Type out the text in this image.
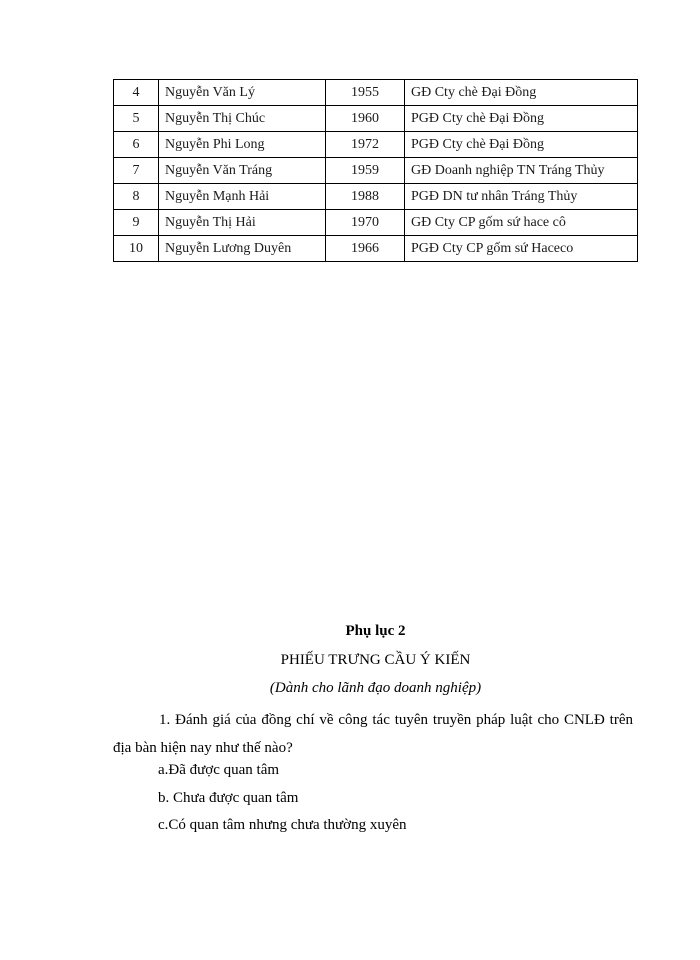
4	Nguyễn Văn Lý	1955	GĐ Cty chè Đại Đồng
5	Nguyễn Thị Chúc	1960	PGĐ Cty chè Đại Đồng
6	Nguyễn Phi Long	1972	PGĐ Cty chè Đại Đồng
7	Nguyễn Văn Tráng	1959	GĐ Doanh nghiệp TN Tráng Thủy
8	Nguyễn Mạnh Hải	1988	PGĐ DN tư nhân Tráng Thủy
9	Nguyễn Thị Hải	1970	GĐ Cty CP gốm sứ hace cô
10	Nguyễn Lương Duyên	1966	PGĐ Cty CP gốm sứ Haceco
Phụ lục 2
PHIẾU TRƯNG CẦU Ý KIẾN
(Dành cho lãnh đạo doanh nghiệp)
1. Đánh giá của đồng chí về công tác tuyên truyền pháp luật cho CNLĐ trên địa bàn hiện nay như thế nào?
a.Đã được quan tâm
b. Chưa được quan tâm
c.Có quan tâm nhưng chưa thường xuyên
